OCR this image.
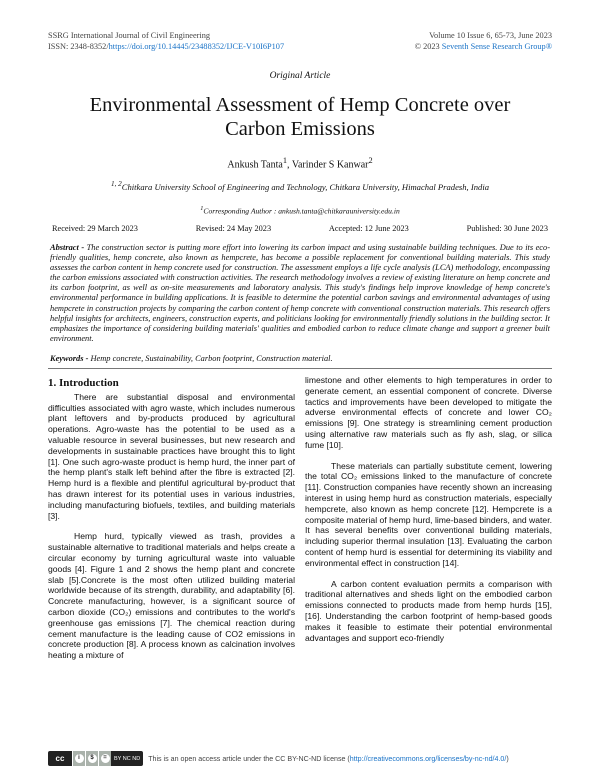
SSRG International Journal of Civil Engineering
ISSN: 2348-8352/https://doi.org/10.14445/23488352/IJCE-V10I6P107
Volume 10 Issue 6, 65-73, June 2023
© 2023 Seventh Sense Research Group®
Original Article
Environmental Assessment of Hemp Concrete over Carbon Emissions
Ankush Tanta$^1$, Varinder S Kanwar$^2$
$^{1, 2}$Chitkara University School of Engineering and Technology, Chitkara University, Himachal Pradesh, India
$^1$Corresponding Author : ankush.tanta@chitkarauniversity.edu.in
Received: 29 March 2023	Revised: 24 May 2023	Accepted: 12 June 2023	Published: 30 June 2023

Abstract - The construction sector is putting more effort into lowering its carbon impact and using sustainable building techniques. Due to its eco-friendly qualities, hemp concrete, also known as hempcrete, has become a possible replacement for conventional building materials. This study assesses the carbon content in hemp concrete used for construction. The assessment employs a life cycle analysis (LCA) methodology, encompassing the carbon emissions associated with construction activities. The research methodology involves a review of existing literature on hemp concrete and its carbon footprint, as well as on-site measurements and laboratory analysis. This study's findings help improve knowledge of hemp concrete's environmental performance in building applications. It is feasible to determine the potential carbon savings and environmental advantages of using hempcrete in construction projects by comparing the carbon content of hemp concrete with conventional construction materials. This research offers helpful insights for architects, engineers, construction experts, and politicians looking for environmentally friendly solutions in the building sector. It emphasizes the importance of considering building materials' qualities and embodied carbon to reduce climate change and support a greener built environment.

Keywords - Hemp concrete, Sustainability, Carbon footprint, Construction material.

1. Introduction

There are substantial disposal and environmental difficulties associated with agro waste, which includes numerous plant leftovers and by-products produced by agricultural operations. Agro-waste has the potential to be used as a valuable resource in several businesses, but new research and developments in sustainable practices have brought this to light [1]. One such agro-waste product is hemp hurd, the inner part of the hemp plant's stalk left behind after the fibre is extracted [2]. Hemp hurd is a flexible and plentiful agricultural by-product that has drawn interest for its potential uses in various industries, including manufacturing biofuels, textiles, and building materials [3].

Hemp hurd, typically viewed as trash, provides a sustainable alternative to traditional materials and helps create a circular economy by turning agricultural waste into valuable goods [4]. Figure 1 and 2 shows the hemp plant and concrete slab [5].Concrete is the most often utilized building material worldwide because of its strength, durability, and adaptability [6]. Concrete manufacturing, however, is a significant source of carbon dioxide (CO₂) emissions and contributes to the world's greenhouse gas emissions [7]. The chemical reaction during cement manufacture is the leading cause of CO2 emissions in concrete production [8]. A process known as calcination involves heating a mixture of

limestone and other elements to high temperatures in order to generate cement, an essential component of concrete. Diverse tactics and improvements have been developed to mitigate the adverse environmental effects of concrete and lower CO₂ emissions [9]. One strategy is streamlining cement production using alternative raw materials such as fly ash, slag, or silica fume [10].

These materials can partially substitute cement, lowering the total CO₂ emissions linked to the manufacture of concrete [11]. Construction companies have recently shown an increasing interest in using hemp hurd as construction materials, especially hempcrete, also known as hemp concrete [12]. Hempcrete is a composite material of hemp hurd, lime-based binders, and water. It has several benefits over conventional building materials, including superior thermal insulation [13]. Evaluating the carbon content of hemp hurd is essential for determining its viability and environmental effect in construction [14].

A carbon content evaluation permits a comparison with traditional alternatives and sheds light on the embodied carbon emissions connected to products made from hemp hurds [15], [16]. Understanding the carbon footprint of hemp-based goods makes it feasible to estimate their potential environmental advantages and support eco-friendly

cc	i	$	=	BY NC ND	This is an open access article under the CC BY-NC-ND license (http://creativecommons.org/licenses/by-nc-nd/4.0/)
